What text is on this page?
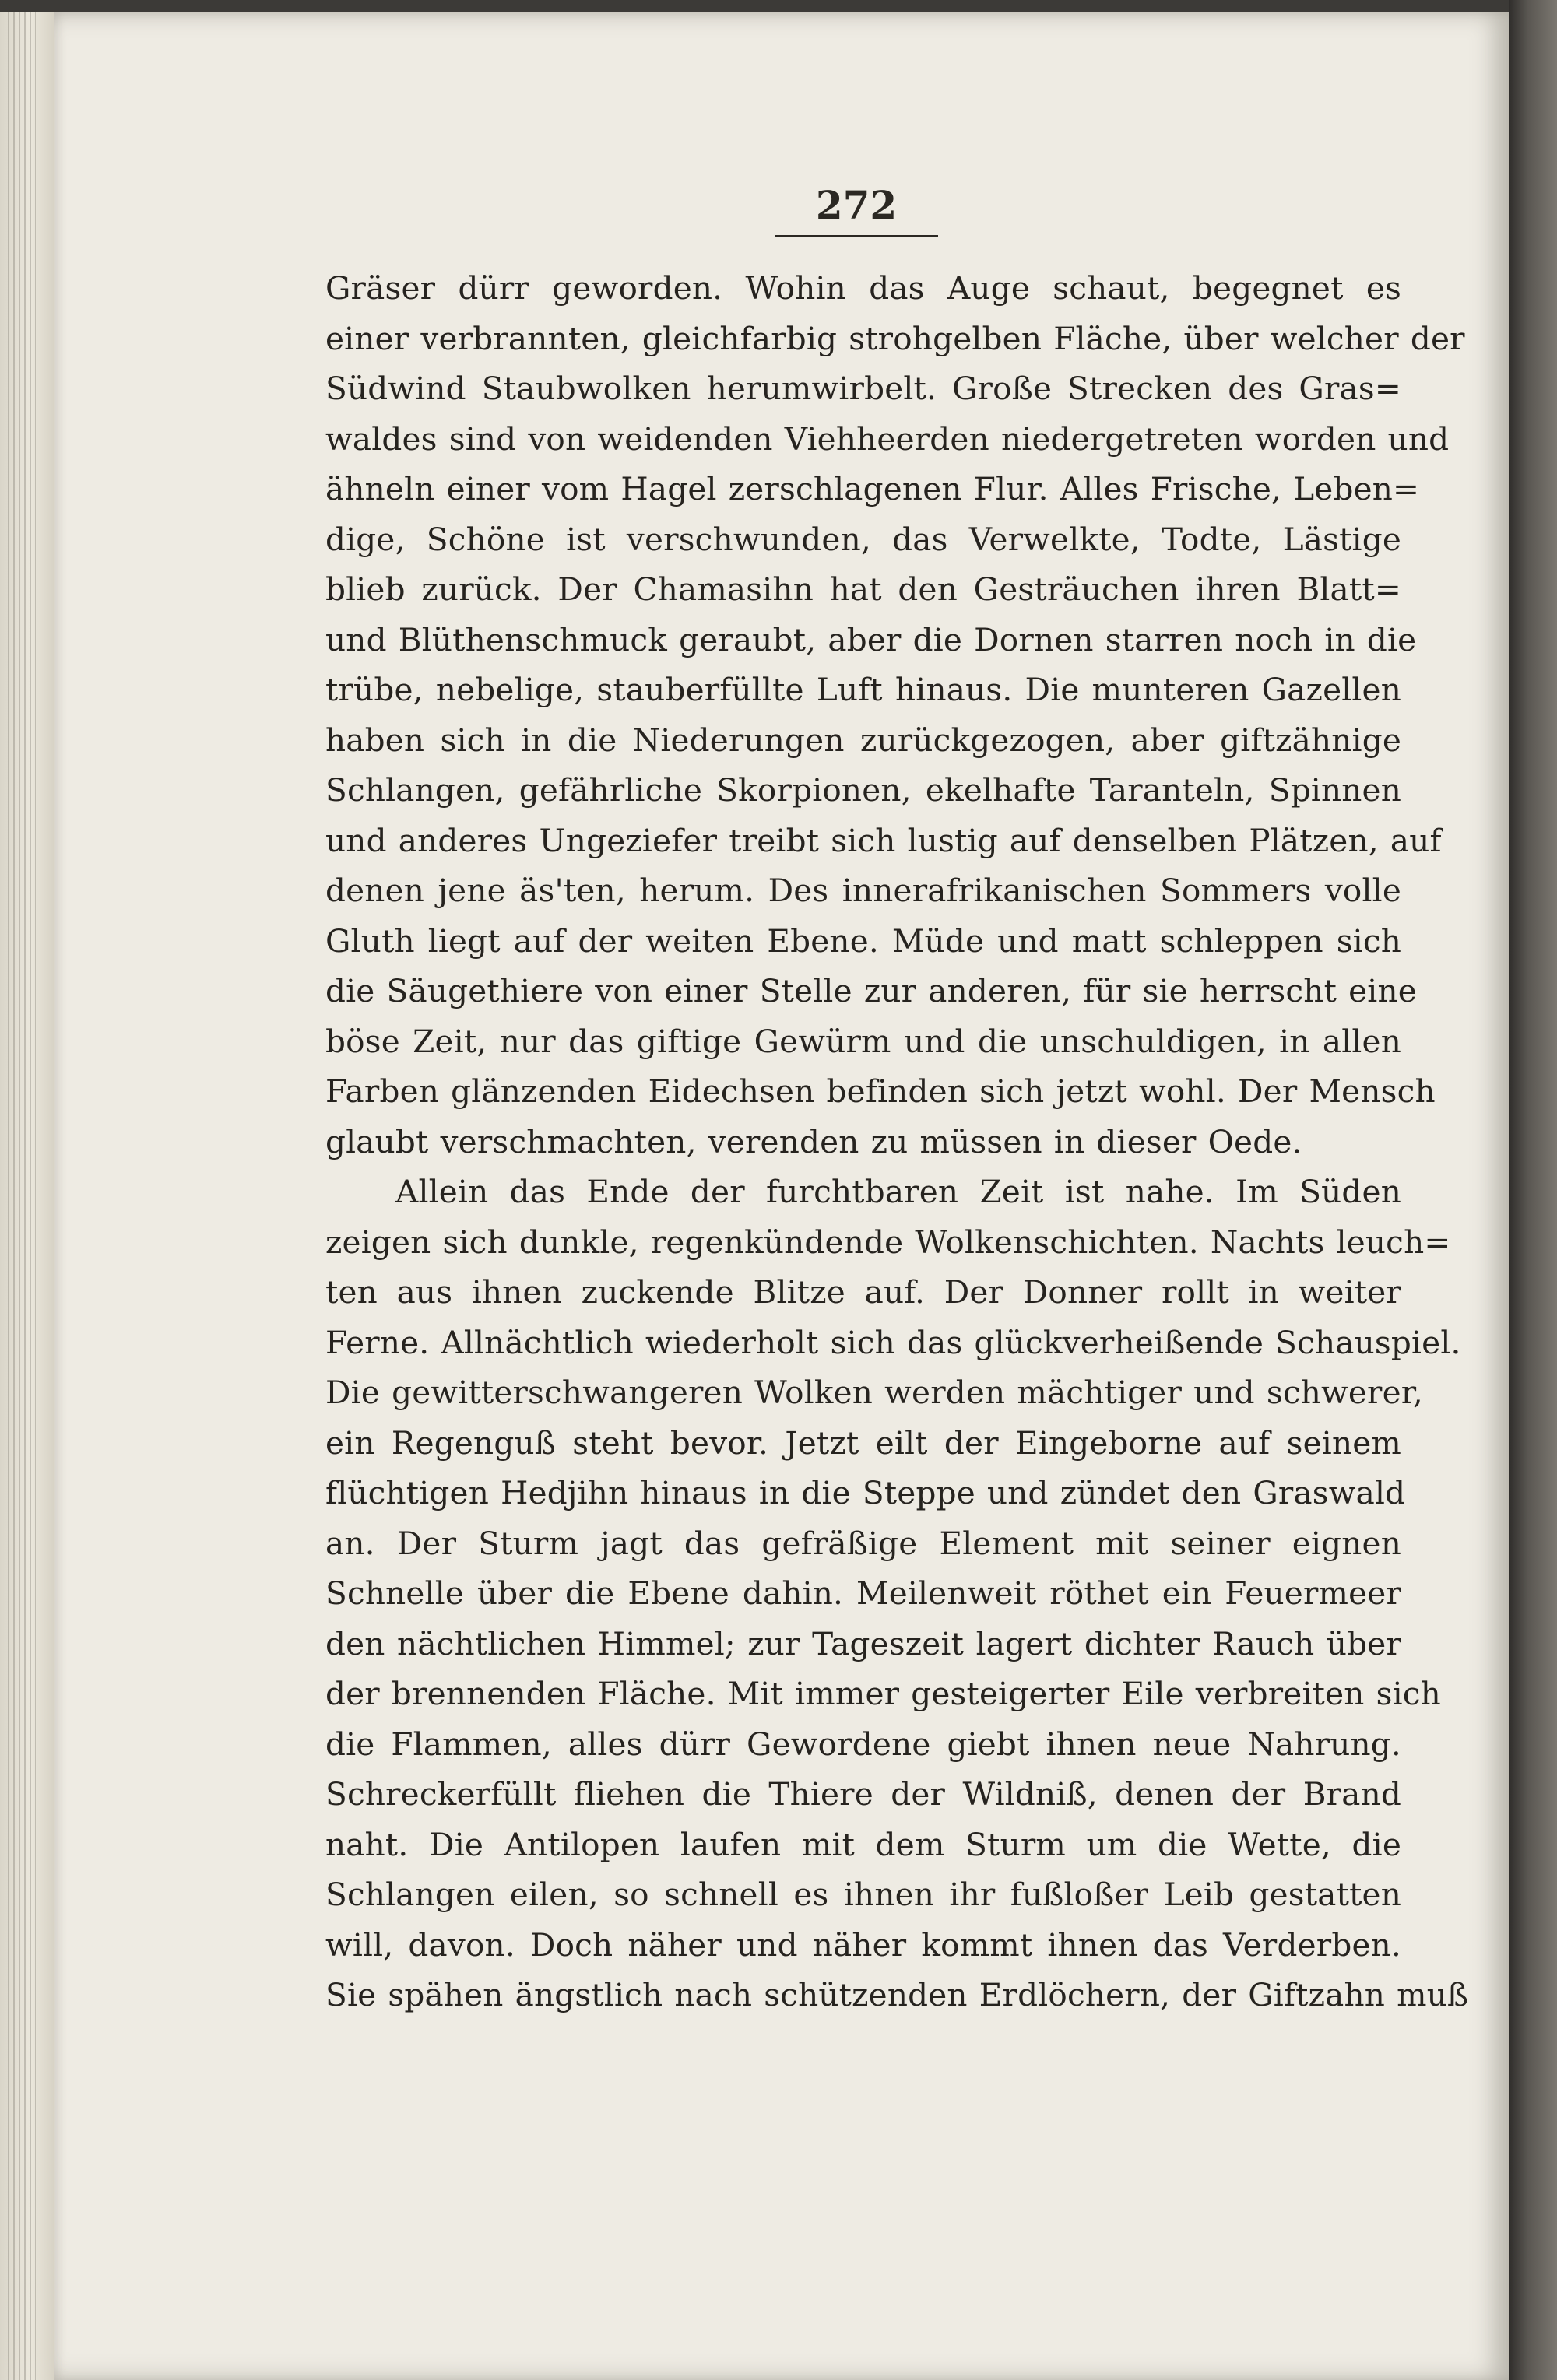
272
Gräser dürr geworden. Wohin das Auge schaut, begegnet es
einer verbrannten, gleichfarbig strohgelben Fläche, über welcher der
Südwind Staubwolken herumwirbelt. Große Strecken des Gras=
waldes sind von weidenden Viehheerden niedergetreten worden und
ähneln einer vom Hagel zerschlagenen Flur. Alles Frische, Leben=
dige, Schöne ist verschwunden, das Verwelkte, Todte, Lästige
blieb zurück. Der Chamasihn hat den Gesträuchen ihren Blatt=
und Blüthenschmuck geraubt, aber die Dornen starren noch in die
trübe, nebelige, stauberfüllte Luft hinaus. Die munteren Gazellen
haben sich in die Niederungen zurückgezogen, aber giftzähnige
Schlangen, gefährliche Skorpionen, ekelhafte Taranteln, Spinnen
und anderes Ungeziefer treibt sich lustig auf denselben Plätzen, auf
denen jene äs'ten, herum. Des innerafrikanischen Sommers volle
Gluth liegt auf der weiten Ebene. Müde und matt schleppen sich
die Säugethiere von einer Stelle zur anderen, für sie herrscht eine
böse Zeit, nur das giftige Gewürm und die unschuldigen, in allen
Farben glänzenden Eidechsen befinden sich jetzt wohl. Der Mensch
glaubt verschmachten, verenden zu müssen in dieser Oede.
Allein das Ende der furchtbaren Zeit ist nahe. Im Süden
zeigen sich dunkle, regenkündende Wolkenschichten. Nachts leuch=
ten aus ihnen zuckende Blitze auf. Der Donner rollt in weiter
Ferne. Allnächtlich wiederholt sich das glückverheißende Schauspiel.
Die gewitterschwangeren Wolken werden mächtiger und schwerer,
ein Regenguß steht bevor. Jetzt eilt der Eingeborne auf seinem
flüchtigen Hedjihn hinaus in die Steppe und zündet den Graswald
an. Der Sturm jagt das gefräßige Element mit seiner eignen
Schnelle über die Ebene dahin. Meilenweit röthet ein Feuermeer
den nächtlichen Himmel; zur Tageszeit lagert dichter Rauch über
der brennenden Fläche. Mit immer gesteigerter Eile verbreiten sich
die Flammen, alles dürr Gewordene giebt ihnen neue Nahrung.
Schreckerfüllt fliehen die Thiere der Wildniß, denen der Brand
naht. Die Antilopen laufen mit dem Sturm um die Wette, die
Schlangen eilen, so schnell es ihnen ihr fußloßer Leib gestatten
will, davon. Doch näher und näher kommt ihnen das Verderben.
Sie spähen ängstlich nach schützenden Erdlöchern, der Giftzahn muß
